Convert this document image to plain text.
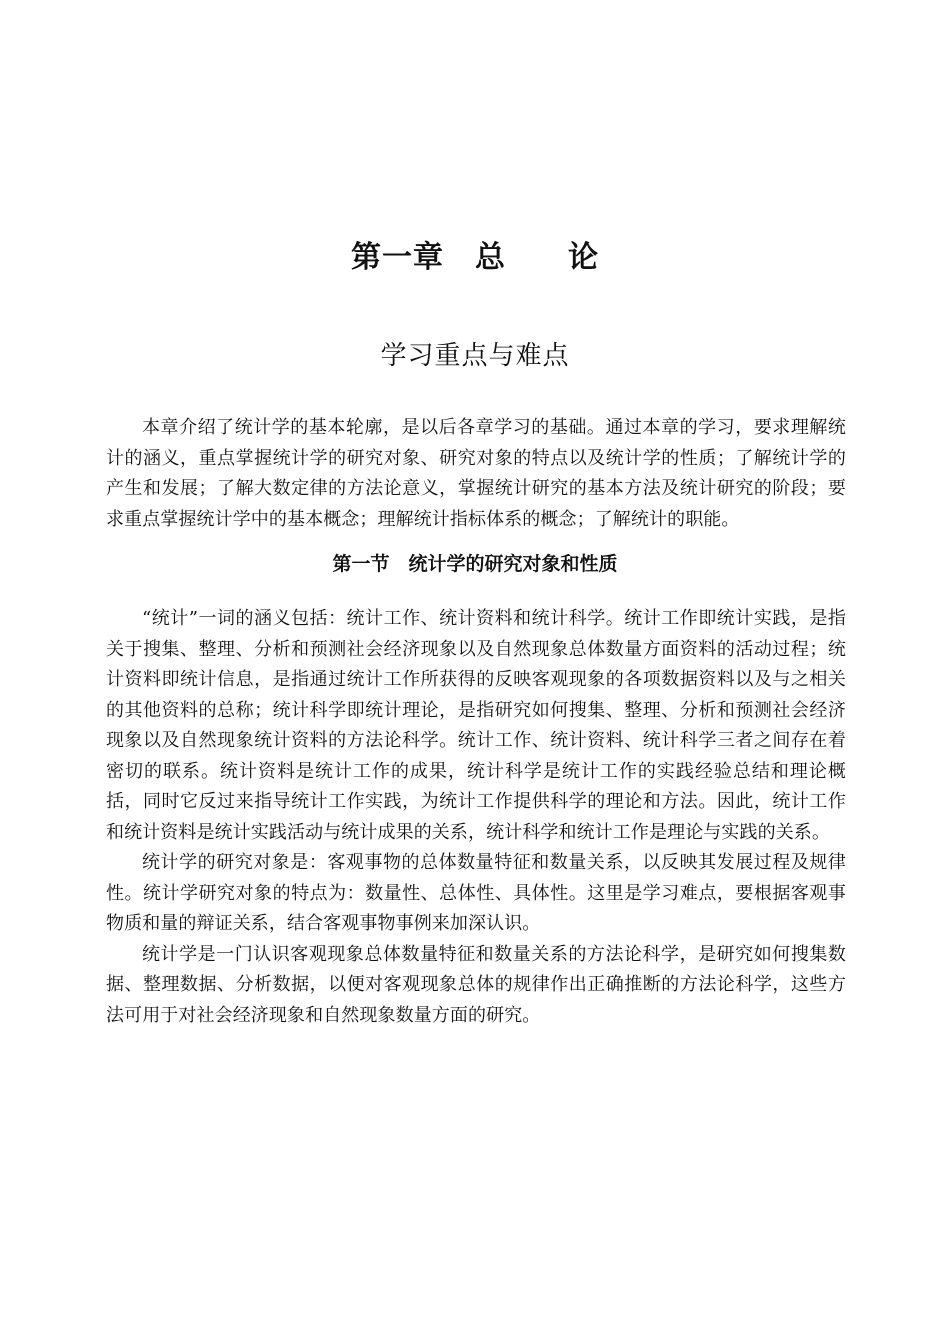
第一章　总　　论
学习重点与难点

本章介绍了统计学的基本轮廓，是以后各章学习的基础。通过本章的学习，要求理解统计的涵义，重点掌握统计学的研究对象、研究对象的特点以及统计学的性质；了解统计学的产生和发展；了解大数定律的方法论意义，掌握统计研究的基本方法及统计研究的阶段；要求重点掌握统计学中的基本概念；理解统计指标体系的概念；了解统计的职能。

第一节　统计学的研究对象和性质

“统计”一词的涵义包括：统计工作、统计资料和统计科学。统计工作即统计实践，是指关于搜集、整理、分析和预测社会经济现象以及自然现象总体数量方面资料的活动过程；统计资料即统计信息，是指通过统计工作所获得的反映客观现象的各项数据资料以及与之相关的其他资料的总称；统计科学即统计理论，是指研究如何搜集、整理、分析和预测社会经济现象以及自然现象统计资料的方法论科学。统计工作、统计资料、统计科学三者之间存在着密切的联系。统计资料是统计工作的成果，统计科学是统计工作的实践经验总结和理论概括，同时它反过来指导统计工作实践，为统计工作提供科学的理论和方法。因此，统计工作和统计资料是统计实践活动与统计成果的关系，统计科学和统计工作是理论与实践的关系。

统计学的研究对象是：客观事物的总体数量特征和数量关系，以反映其发展过程及规律性。统计学研究对象的特点为：数量性、总体性、具体性。这里是学习难点，要根据客观事物质和量的辩证关系，结合客观事物事例来加深认识。

统计学是一门认识客观现象总体数量特征和数量关系的方法论科学，是研究如何搜集数据、整理数据、分析数据，以便对客观现象总体的规律作出正确推断的方法论科学，这些方法可用于对社会经济现象和自然现象数量方面的研究。
